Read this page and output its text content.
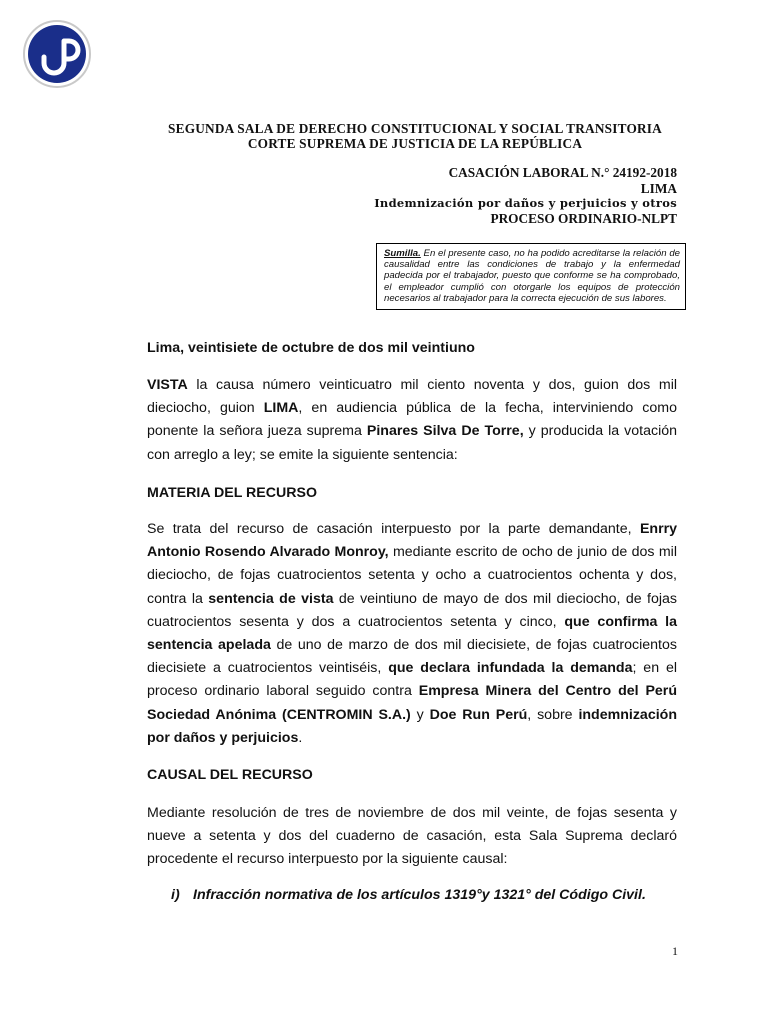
SEGUNDA SALA DE DERECHO CONSTITUCIONAL Y SOCIAL TRANSITORIA
CORTE SUPREMA DE JUSTICIA DE LA REPÚBLICA
CASACIÓN LABORAL N.° 24192-2018
LIMA
Indemnización por daños y perjuicios y otros
PROCESO ORDINARIO-NLPT
Sumilla. En el presente caso, no ha podido acreditarse la relación de causalidad entre las condiciones de trabajo y la enfermedad padecida por el trabajador, puesto que conforme se ha comprobado, el empleador cumplió con otorgarle los equipos de protección necesarios al trabajador para la correcta ejecución de sus labores.
Lima, veintisiete de octubre de dos mil veintiuno
VISTA la causa número veinticuatro mil ciento noventa y dos, guion dos mil dieciocho, guion LIMA, en audiencia pública de la fecha, interviniendo como ponente la señora jueza suprema Pinares Silva De Torre, y producida la votación con arreglo a ley; se emite la siguiente sentencia:
MATERIA DEL RECURSO
Se trata del recurso de casación interpuesto por la parte demandante, Enrry Antonio Rosendo Alvarado Monroy, mediante escrito de ocho de junio de dos mil dieciocho, de fojas cuatrocientos setenta y ocho a cuatrocientos ochenta y dos, contra la sentencia de vista de veintiuno de mayo de dos mil dieciocho, de fojas cuatrocientos sesenta y dos a cuatrocientos setenta y cinco, que confirma la sentencia apelada de uno de marzo de dos mil diecisiete, de fojas cuatrocientos diecisiete a cuatrocientos veintiséis, que declara infundada la demanda; en el proceso ordinario laboral seguido contra Empresa Minera del Centro del Perú Sociedad Anónima (CENTROMIN S.A.) y Doe Run Perú, sobre indemnización por daños y perjuicios.
CAUSAL DEL RECURSO
Mediante resolución de tres de noviembre de dos mil veinte, de fojas sesenta y nueve a setenta y dos del cuaderno de casación, esta Sala Suprema declaró procedente el recurso interpuesto por la siguiente causal:
i) Infracción normativa de los artículos 1319°y 1321° del Código Civil.
1
